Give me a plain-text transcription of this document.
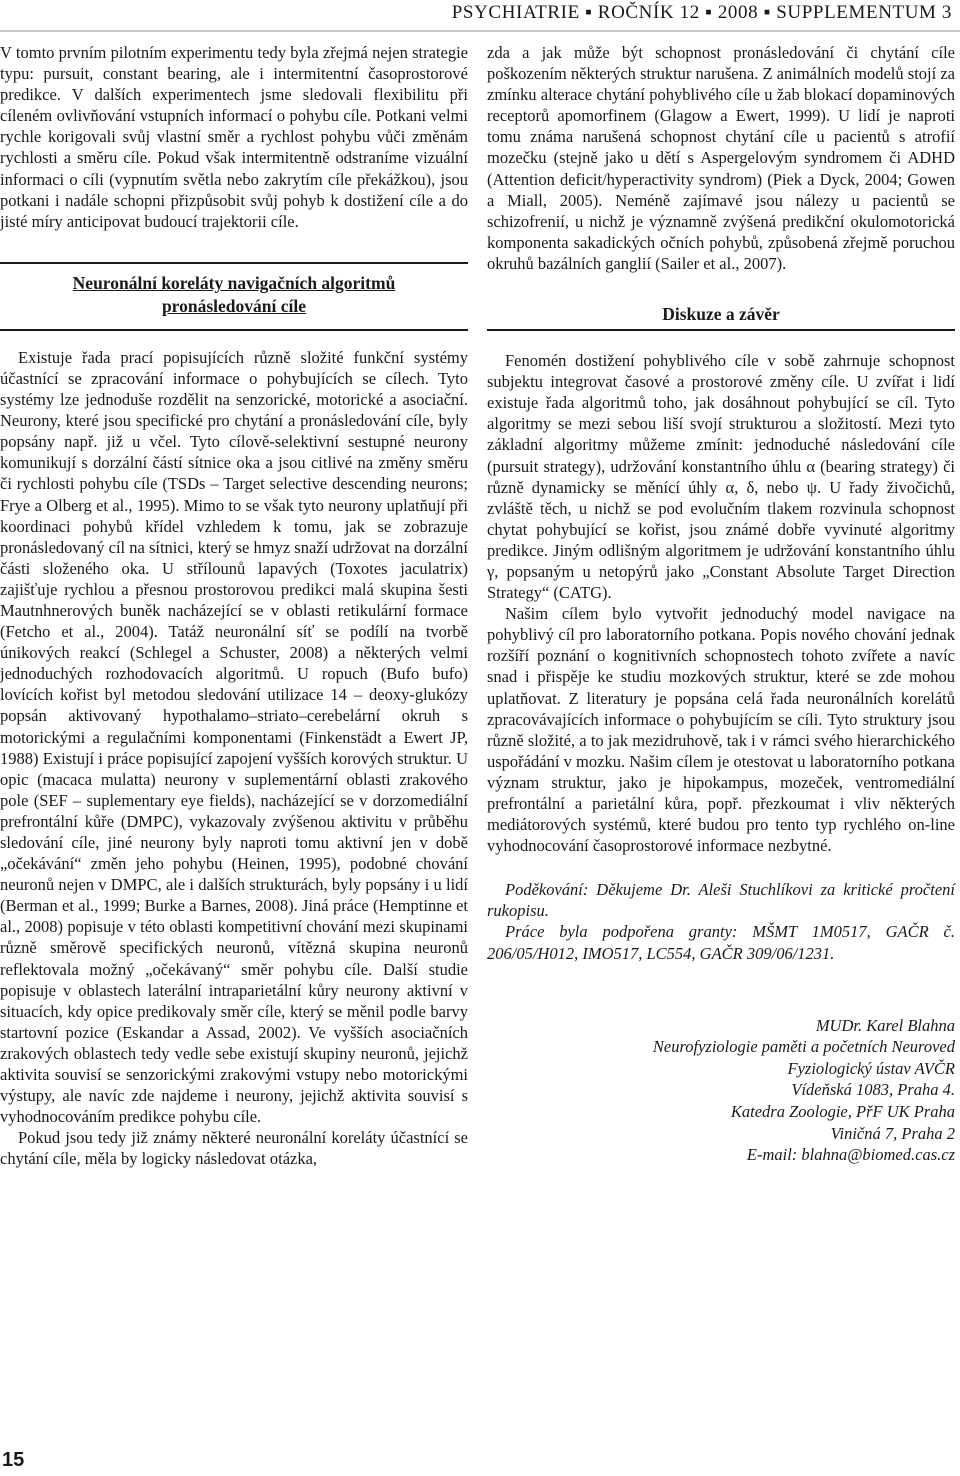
PSYCHIATRIE ▪ ROČNÍK 12 ▪ 2008 ▪ SUPPLEMENTUM 3

V tomto prvním pilotním experimentu tedy byla zřejmá nejen strategie typu: pursuit, constant bearing, ale i intermitentní časoprostorové predikce. V dalších experimentech jsme sledovali flexibilitu při cíleném ovlivňování vstupních informací o pohybu cíle. Potkani velmi rychle korigovali svůj vlastní směr a rychlost pohybu vůči změnám rychlosti a směru cíle. Pokud však intermitentně odstraníme vizuální informaci o cíli (vypnutím světla nebo zakrytím cíle překážkou), jsou potkani i nadále schopni přizpůsobit svůj pohyb k dostižení cíle a do jisté míry anticipovat budoucí trajektorii cíle.

Neuronální koreláty navigačních algoritmů
pronásledování cíle

Existuje řada prací popisujících různě složité funkční systémy účastnící se zpracování informace o pohybujících se cílech. Tyto systémy lze jednoduše rozdělit na senzorické, motorické a asociační. Neurony, které jsou specifické pro chytání a pronásledování cíle, byly popsány např. již u včel. Tyto cílově-selektivní sestupné neurony komunikují s dorzální částí sítnice oka a jsou citlivé na změny směru či rychlosti pohybu cíle (TSDs – Target selective descending neurons; Frye a Olberg et al., 1995). Mimo to se však tyto neurony uplatňují při koordinaci pohybů křídel vzhledem k tomu, jak se zobrazuje pronásledovaný cíl na sítnici, který se hmyz snaží udržovat na dorzální části složeného oka. U střílounů lapavých (Toxotes jaculatrix) zajišťuje rychlou a přesnou prostorovou predikci malá skupina šesti Mautnhnerových buněk nacházející se v oblasti retikulární formace (Fetcho et al., 2004). Tatáž neuronální síť se podílí na tvorbě únikových reakcí (Schlegel a Schuster, 2008) a některých velmi jednoduchých rozhodovacích algoritmů. U ropuch (Bufo bufo) lovících kořist byl metodou sledování utilizace 14 – deoxy-glukózy popsán aktivovaný hypothalamo–striato–cerebelární okruh s motorickými a regulačními komponentami (Finkenstädt a Ewert JP, 1988) Existují i práce popisující zapojení vyšších korových struktur. U opic (macaca mulatta) neurony v suplementární oblasti zrakového pole (SEF – suplementary eye fields), nacházející se v dorzomediální prefrontální kůře (DMPC), vykazovaly zvýšenou aktivitu v průběhu sledování cíle, jiné neurony byly naproti tomu aktivní jen v době „očekávání“ změn jeho pohybu (Heinen, 1995), podobné chování neuronů nejen v DMPC, ale i dalších strukturách, byly popsány i u lidí (Berman et al., 1999; Burke a Barnes, 2008). Jiná práce (Hemptinne et al., 2008) popisuje v této oblasti kompetitivní chování mezi skupinami různě směrově specifických neuronů, vítězná skupina neuronů reflektovala možný „očekávaný“ směr pohybu cíle. Další studie popisuje v oblastech laterální intraparietální kůry neurony aktivní v situacích, kdy opice predikovaly směr cíle, který se měnil podle barvy startovní pozice (Eskandar a Assad, 2002). Ve vyšších asociačních zrakových oblastech tedy vedle sebe existují skupiny neuronů, jejichž aktivita souvisí se senzorickými zrakovými vstupy nebo motorickými výstupy, ale navíc zde najdeme i neurony, jejichž aktivita souvisí s vyhodnocováním predikce pohybu cíle.

Pokud jsou tedy již známy některé neuronální koreláty účastnící se chytání cíle, měla by logicky následovat otázka,

zda a jak může být schopnost pronásledování či chytání cíle poškozením některých struktur narušena. Z animálních modelů stojí za zmínku alterace chytání pohyblivého cíle u žab blokací dopaminových receptorů apomorfinem (Glagow a Ewert, 1999). U lidí je naproti tomu známa narušená schopnost chytání cíle u pacientů s atrofií mozečku (stejně jako u dětí s Aspergelovým syndromem či ADHD (Attention deficit/hyperactivity syndrom) (Piek a Dyck, 2004; Gowen a Miall, 2005). Neméně zajímavé jsou nálezy u pacientů se schizofrenií, u nichž je významně zvýšená predikční okulomotorická komponenta sakadických očních pohybů, způsobená zřejmě poruchou okruhů bazálních ganglií (Sailer et al., 2007).

Diskuze a závěr

Fenomén dostižení pohyblivého cíle v sobě zahrnuje schopnost subjektu integrovat časové a prostorové změny cíle. U zvířat i lidí existuje řada algoritmů toho, jak dosáhnout pohybující se cíl. Tyto algoritmy se mezi sebou liší svojí strukturou a složitostí. Mezi tyto základní algoritmy můžeme zmínit: jednoduché následování cíle (pursuit strategy), udržování konstantního úhlu α (bearing strategy) či různě dynamicky se měnící úhly α, δ, nebo ψ. U řady živočichů, zvláště těch, u nichž se pod evolučním tlakem rozvinula schopnost chytat pohybující se kořist, jsou známé dobře vyvinuté algoritmy predikce. Jiným odlišným algoritmem je udržování konstantního úhlu γ, popsaným u netopýrů jako „Constant Absolute Target Direction Strategy“ (CATG).

Našim cílem bylo vytvořit jednoduchý model navigace na pohyblivý cíl pro laboratorního potkana. Popis nového chování jednak rozšíří poznání o kognitivních schopnostech tohoto zvířete a navíc snad i přispěje ke studiu mozkových struktur, které se zde mohou uplatňovat. Z literatury je popsána celá řada neuronálních korelátů zpracovávajících informace o pohybujícím se cíli. Tyto struktury jsou různě složité, a to jak mezidruhově, tak i v rámci svého hierarchického uspořádání v mozku. Našim cílem je otestovat u laboratorního potkana význam struktur, jako je hipokampus, mozeček, ventromediální prefrontální a parietální kůra, popř. přezkoumat i vliv některých mediátorových systémů, které budou pro tento typ rychlého on-line vyhodnocování časoprostorové informace nezbytné.

Poděkování: Děkujeme Dr. Aleši Stuchlíkovi za kritické pročtení rukopisu.

Práce byla podpořena granty: MŠMT 1M0517, GAČR č. 206/05/H012, IMO517, LC554, GAČR 309/06/1231.

MUDr. Karel Blahna
Neurofyziologie paměti a početních Neuroved
Fyziologický ústav AVČR
Vídeňská 1083, Praha 4.
Katedra Zoologie, PřF UK Praha
Viničná 7, Praha 2
E-mail: blahna@biomed.cas.cz
15
